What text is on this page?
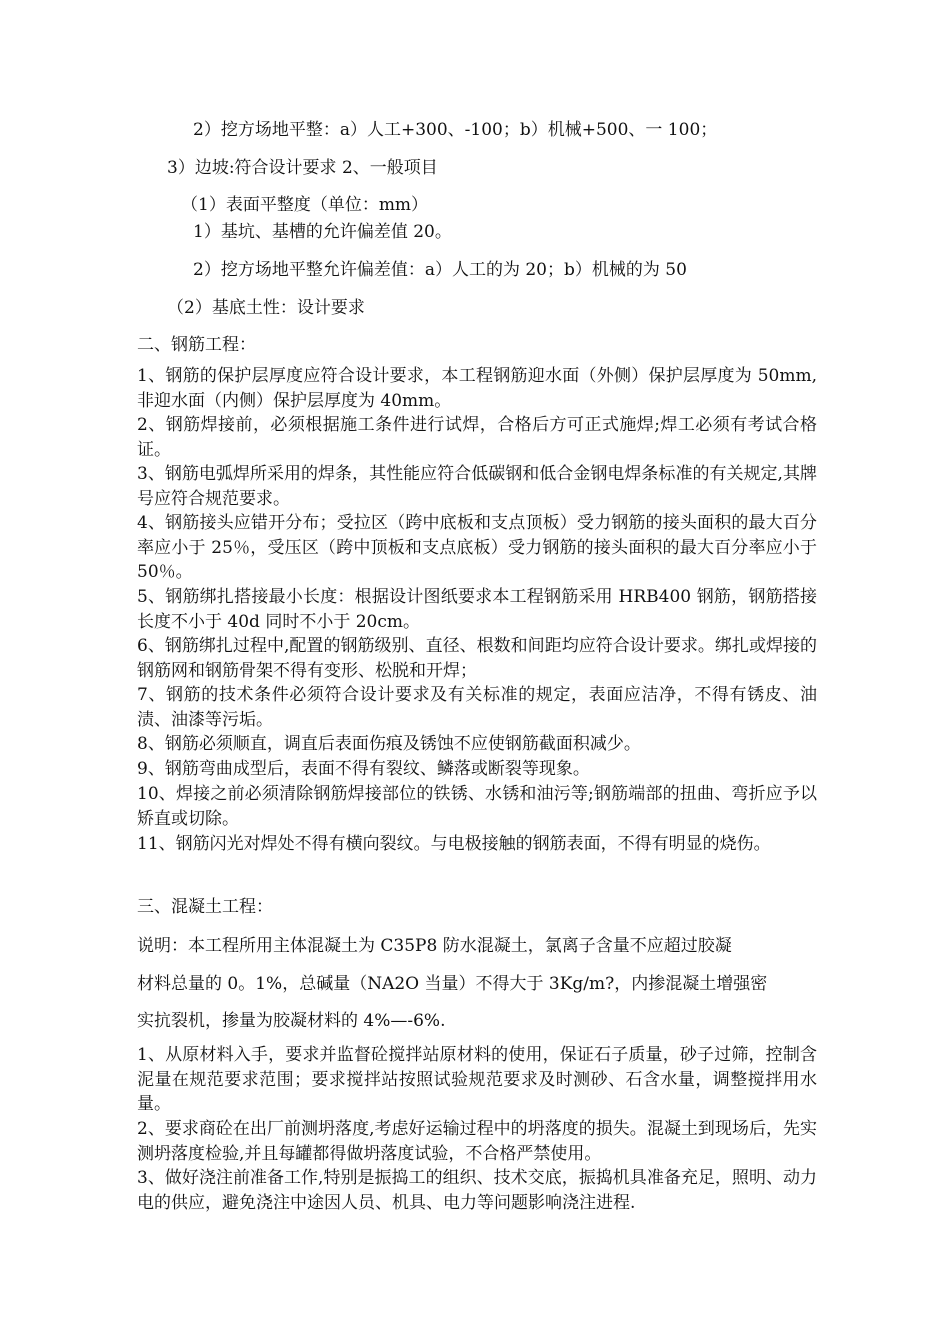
2）挖方场地平整：a）人工+300、-100；b）机械+500、一 100；
3）边坡:符合设计要求 2、一般项目
（1）表面平整度（单位：mm）
1）基坑、基槽的允许偏差值 20。
2）挖方场地平整允许偏差值：a）人工的为 20；b）机械的为 50
（2）基底土性：设计要求
二、钢筋工程：
1、钢筋的保护层厚度应符合设计要求，本工程钢筋迎水面（外侧）保护层厚度为 50mm,非迎水面（内侧）保护层厚度为 40mm。
2、钢筋焊接前，必须根据施工条件进行试焊，合格后方可正式施焊;焊工必须有考试合格证。
3、钢筋电弧焊所采用的焊条，其性能应符合低碳钢和低合金钢电焊条标准的有关规定,其牌号应符合规范要求。
4、钢筋接头应错开分布；受拉区（跨中底板和支点顶板）受力钢筋的接头面积的最大百分率应小于 25％，受压区（跨中顶板和支点底板）受力钢筋的接头面积的最大百分率应小于 50％。
5、钢筋绑扎搭接最小长度：根据设计图纸要求本工程钢筋采用 HRB400 钢筋，钢筋搭接长度不小于 40d 同时不小于 20cm。
6、钢筋绑扎过程中,配置的钢筋级别、直径、根数和间距均应符合设计要求。绑扎或焊接的钢筋网和钢筋骨架不得有变形、松脱和开焊；
7、钢筋的技术条件必须符合设计要求及有关标准的规定，表面应洁净，不得有锈皮、油渍、油漆等污垢。
8、钢筋必须顺直，调直后表面伤痕及锈蚀不应使钢筋截面积减少。
9、钢筋弯曲成型后，表面不得有裂纹、鳞落或断裂等现象。
10、焊接之前必须清除钢筋焊接部位的铁锈、水锈和油污等;钢筋端部的扭曲、弯折应予以矫直或切除。
11、钢筋闪光对焊处不得有横向裂纹。与电极接触的钢筋表面，不得有明显的烧伤。
三、混凝土工程：
说明：本工程所用主体混凝土为 C35P8 防水混凝土，氯离子含量不应超过胶凝
材料总量的 0。1%，总碱量（NA2O 当量）不得大于 3Kg/m?，内掺混凝土增强密
实抗裂机，掺量为胶凝材料的 4%—-6%.
1、从原材料入手，要求并监督砼搅拌站原材料的使用，保证石子质量，砂子过筛，控制含泥量在规范要求范围；要求搅拌站按照试验规范要求及时测砂、石含水量，调整搅拌用水量。
2、要求商砼在出厂前测坍落度,考虑好运输过程中的坍落度的损失。混凝土到现场后，先实测坍落度检验,并且每罐都得做坍落度试验，不合格严禁使用。
3、做好浇注前准备工作,特别是振捣工的组织、技术交底，振捣机具准备充足，照明、动力电的供应，避免浇注中途因人员、机具、电力等问题影响浇注进程.
